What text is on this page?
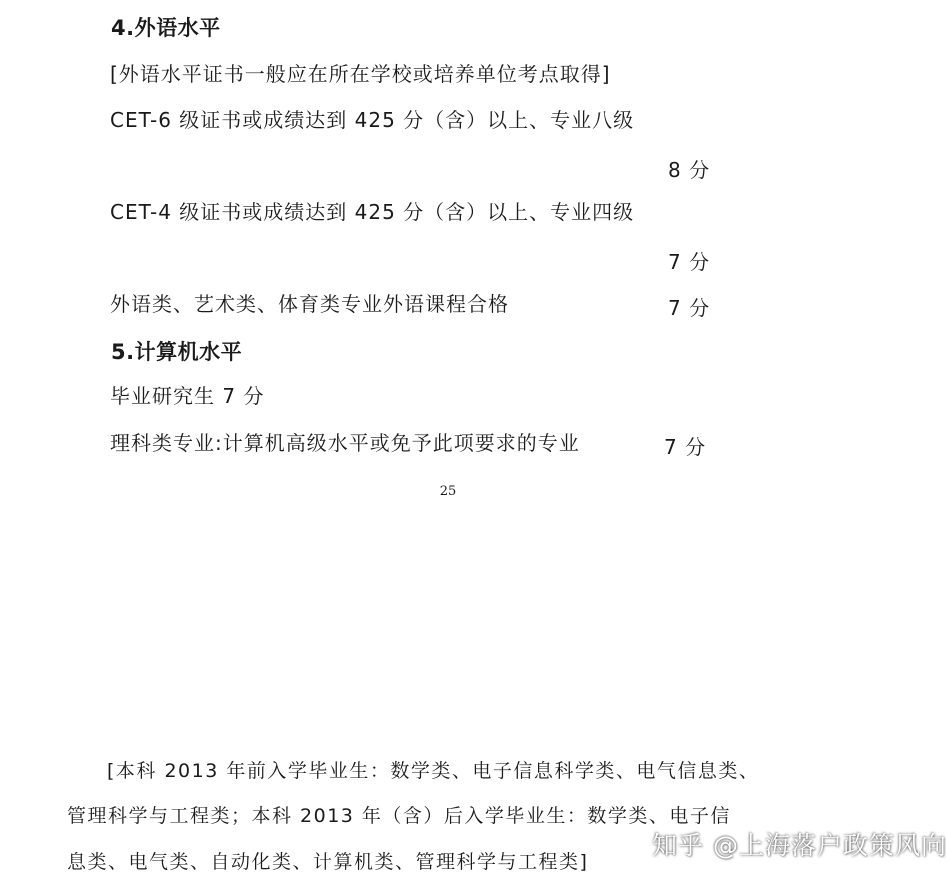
4.外语水平
[外语水平证书一般应在所在学校或培养单位考点取得]
CET-6 级证书或成绩达到 425 分（含）以上、专业八级
8 分
CET-4 级证书或成绩达到 425 分（含）以上、专业四级
7 分
外语类、艺术类、体育类专业外语课程合格	7 分
5.计算机水平
毕业研究生 7 分
理科类专业:计算机高级水平或免予此项要求的专业	7 分
25
[本科 2013 年前入学毕业生：数学类、电子信息科学类、电气信息类、
管理科学与工程类；本科 2013 年（含）后入学毕业生：数学类、电子信
息类、电气类、自动化类、计算机类、管理科学与工程类]
知乎 @上海落户政策风向
